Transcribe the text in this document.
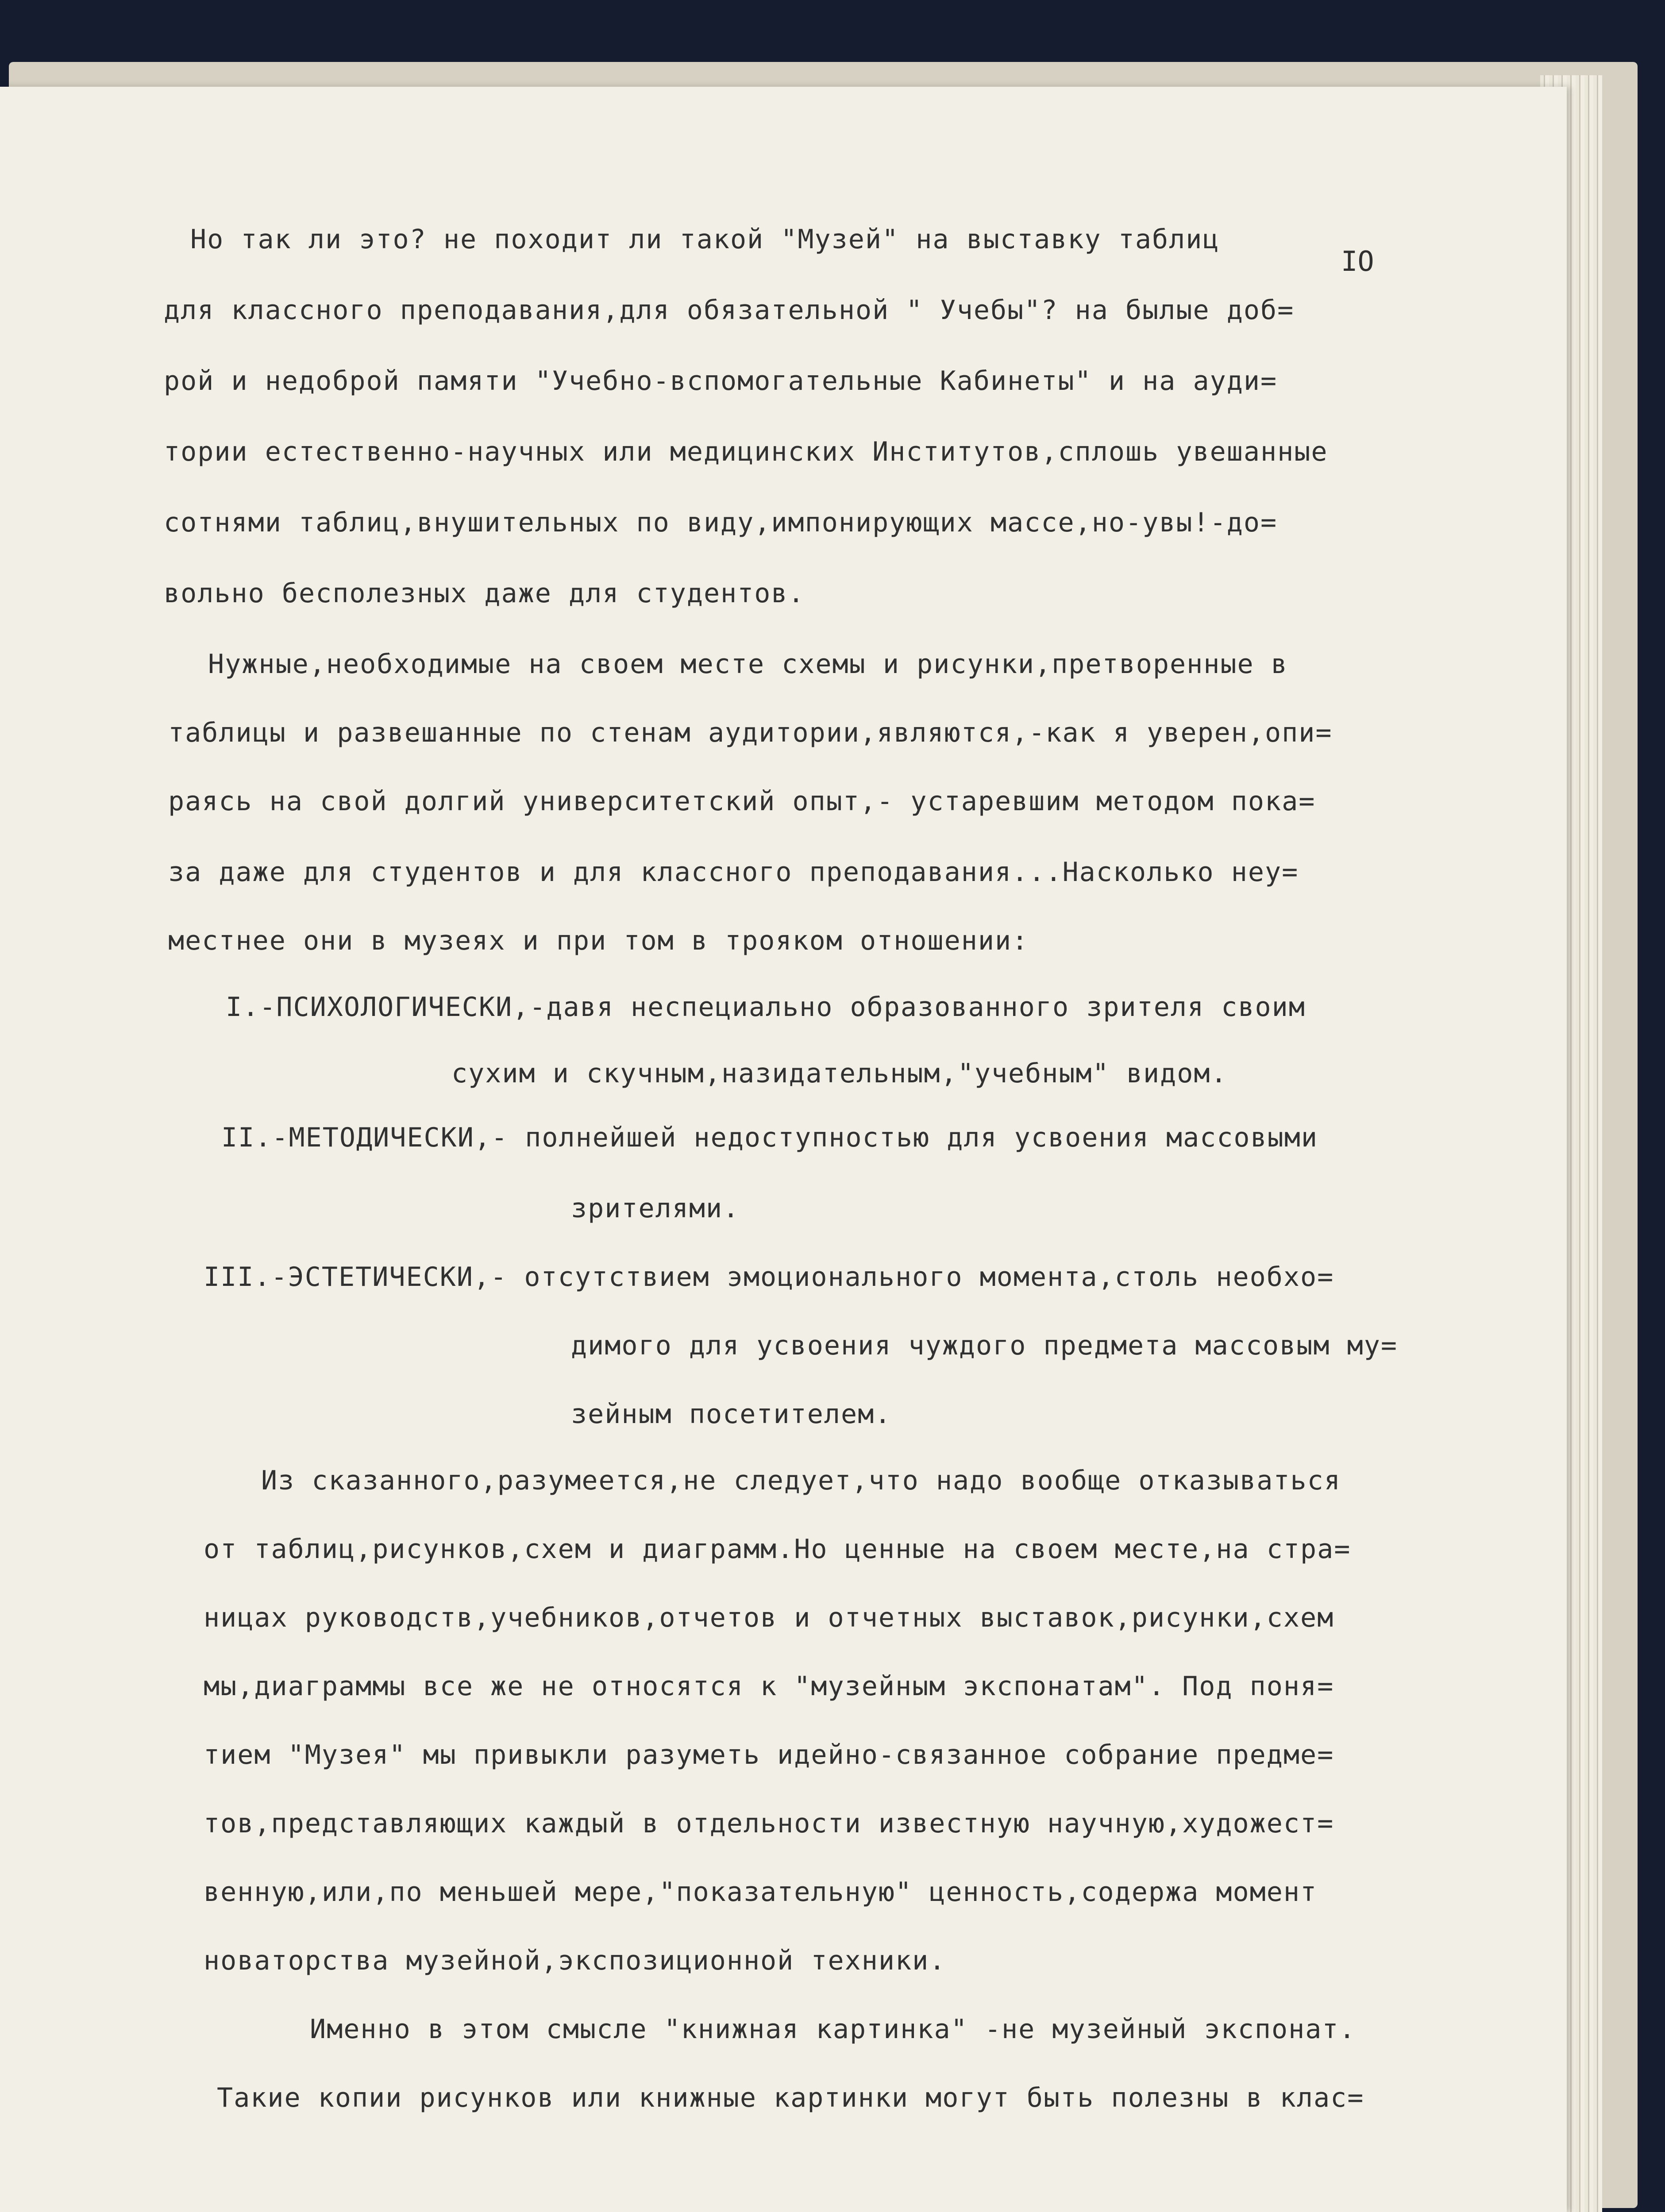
IO

Но так ли это? не походит ли такой "Музей" на выставку таблиц

для классного преподавания,для обязательной " Учебы"? на былые доб=

рой и недоброй памяти "Учебно-вспомогательные Кабинеты" и на ауди=

тории естественно-научных или медицинских Институтов,сплошь увешанные

сотнями таблиц,внушительных по виду,импонирующих массе,но-увы!-до=

вольно бесполезных даже для студентов.

Нужные,необходимые на своем месте схемы и рисунки,претворенные в

таблицы и развешанные по стенам аудитории,являются,-как я уверен,опи=

раясь на свой долгий университетский опыт,- устаревшим методом пока=

за даже для студентов и для классного преподавания...Насколько неу=

местнее они в музеях и при том в трояком отношении:

I.-ПСИХОЛОГИЧЕСКИ,-давя неспециально образованного зрителя своим

сухим и скучным,назидательным,"учебным" видом.

II.-МЕТОДИЧЕСКИ,- полнейшей недоступностью для усвоения массовыми

зрителями.

III.-ЭСТЕТИЧЕСКИ,- отсутствием эмоционального момента,столь необхо=

димого для усвоения чуждого предмета массовым му=

зейным посетителем.

Из сказанного,разумеется,не следует,что надо вообще отказываться

от таблиц,рисунков,схем и диаграмм.Но ценные на своем месте,на стра=

ницах руководств,учебников,отчетов и отчетных выставок,рисунки,схем

мы,диаграммы все же не относятся к "музейным экспонатам". Под поня=

тием "Музея" мы привыкли разуметь идейно-связанное собрание предме=

тов,представляющих каждый в отдельности известную научную,художест=

венную,или,по меньшей мере,"показательную" ценность,содержа момент

новаторства музейной,экспозиционной техники.

Именно в этом смысле "книжная картинка" -не музейный экспонат.

Такие копии рисунков или книжные картинки могут быть полезны в клас=
